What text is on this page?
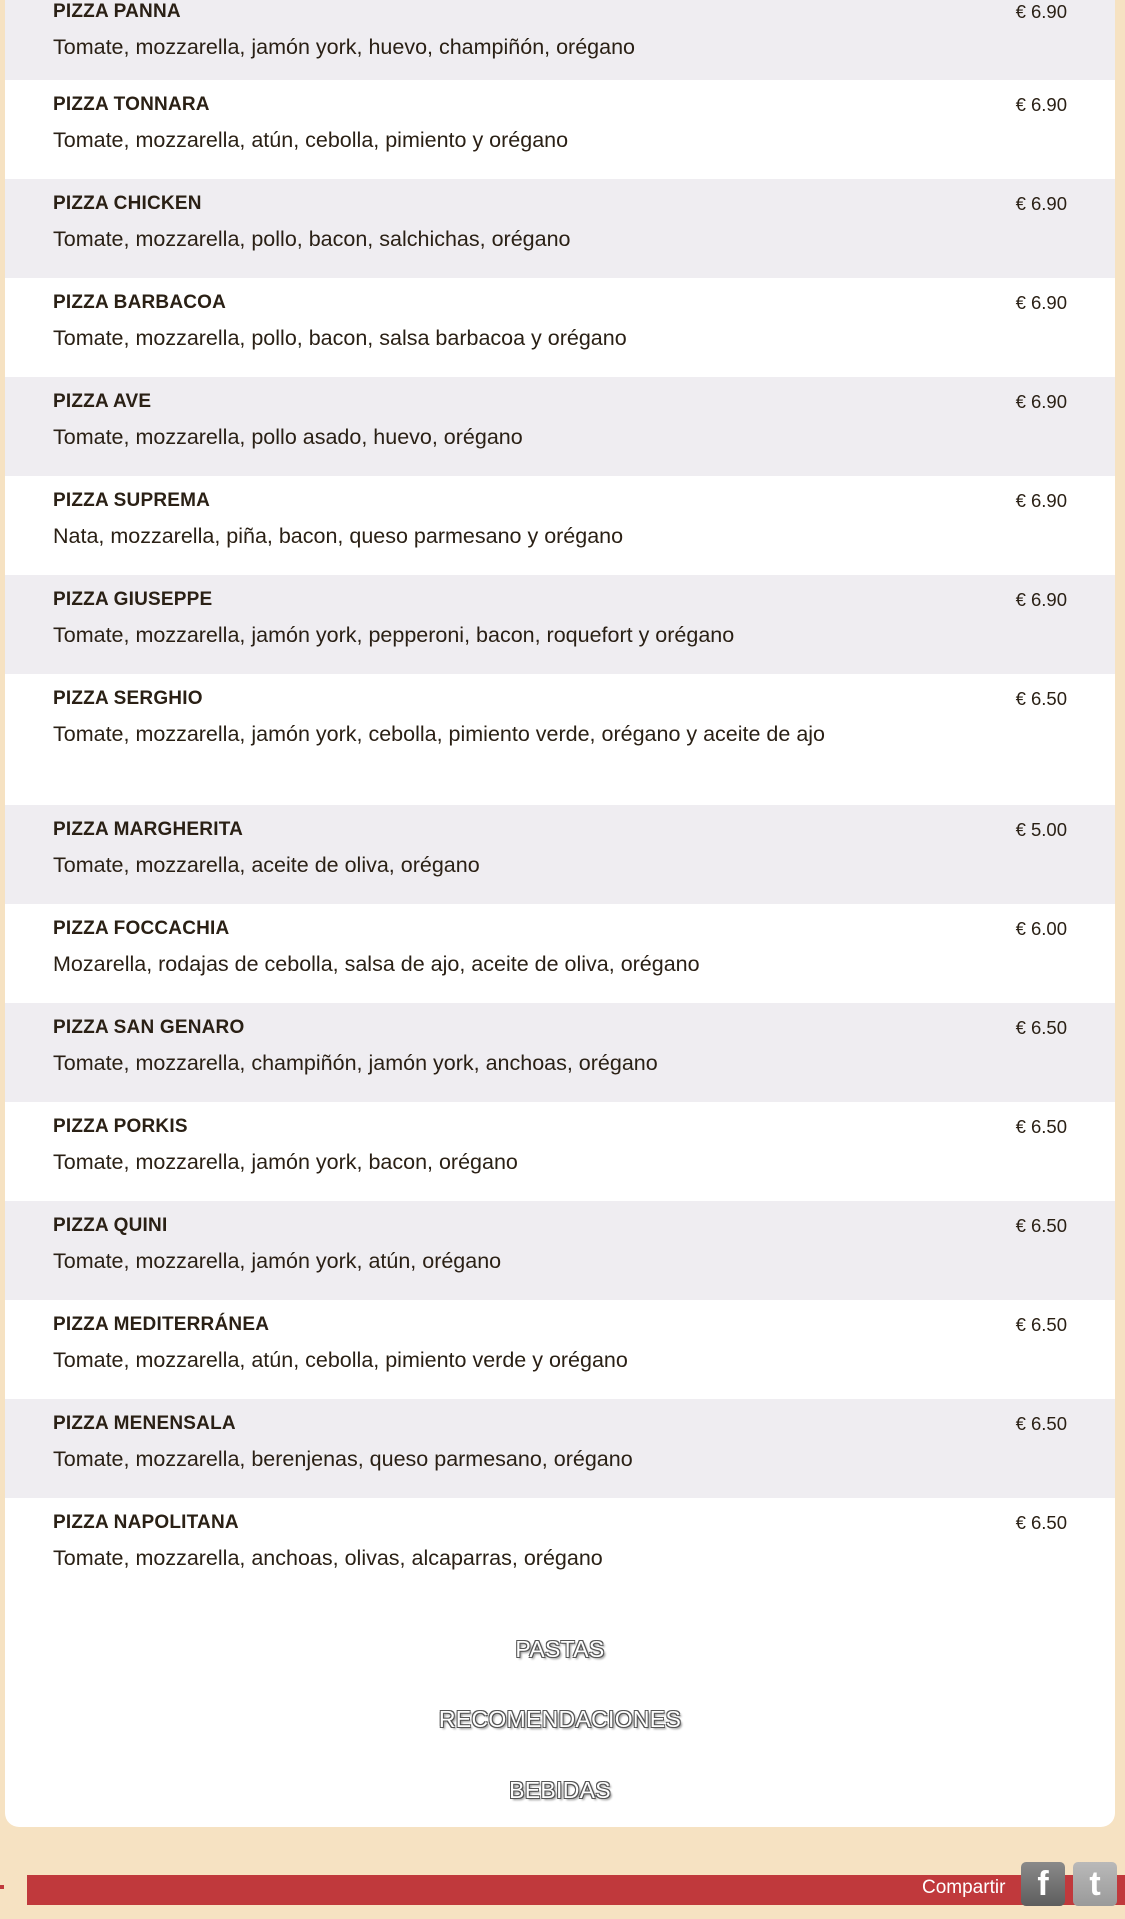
PIZZA PANNA
Tomate, mozzarella, jamón york, huevo, champiñón, orégano
€ 6.90
PIZZA TONNARA
Tomate, mozzarella, atún, cebolla, pimiento y orégano
€ 6.90
PIZZA CHICKEN
Tomate, mozzarella, pollo, bacon, salchichas, orégano
€ 6.90
PIZZA BARBACOA
Tomate, mozzarella, pollo, bacon, salsa barbacoa y orégano
€ 6.90
PIZZA AVE
Tomate, mozzarella, pollo asado, huevo, orégano
€ 6.90
PIZZA SUPREMA
Nata, mozzarella, piña, bacon, queso parmesano y orégano
€ 6.90
PIZZA GIUSEPPE
Tomate, mozzarella, jamón york, pepperoni, bacon, roquefort y orégano
€ 6.90
PIZZA SERGHIO
Tomate, mozzarella, jamón york, cebolla, pimiento verde, orégano y aceite de ajo
€ 6.50
PIZZA MARGHERITA
Tomate, mozzarella, aceite de oliva, orégano
€ 5.00
PIZZA FOCCACHIA
Mozarella, rodajas de cebolla, salsa de ajo, aceite de oliva, orégano
€ 6.00
PIZZA SAN GENARO
Tomate, mozzarella, champiñón, jamón york, anchoas, orégano
€ 6.50
PIZZA PORKIS
Tomate, mozzarella, jamón york, bacon, orégano
€ 6.50
PIZZA QUINI
Tomate, mozzarella, jamón york, atún, orégano
€ 6.50
PIZZA MEDITERRÁNEA
Tomate, mozzarella, atún, cebolla, pimiento verde y orégano
€ 6.50
PIZZA MENENSALA
Tomate, mozzarella, berenjenas, queso parmesano, orégano
€ 6.50
PIZZA NAPOLITANA
Tomate, mozzarella, anchoas, olivas, alcaparras, orégano
€ 6.50
PASTAS
RECOMENDACIONES
BEBIDAS
Compartir f	t
